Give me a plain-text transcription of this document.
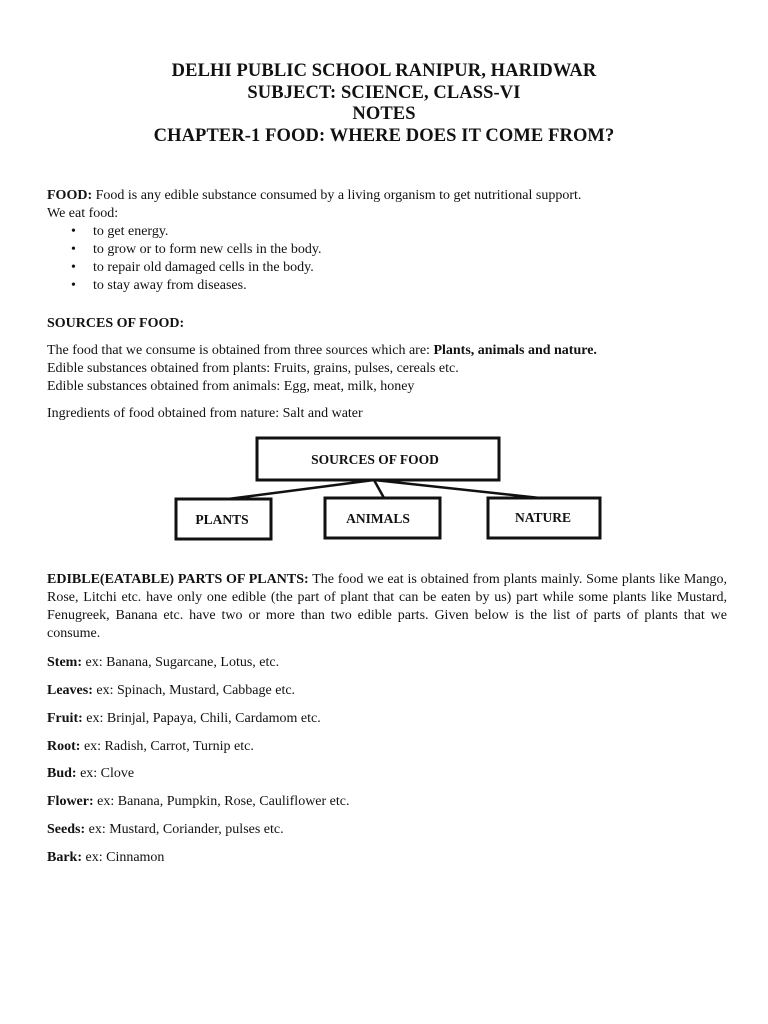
DELHI PUBLIC SCHOOL RANIPUR, HARIDWAR
SUBJECT: SCIENCE, CLASS-VI
NOTES
CHAPTER-1 FOOD: WHERE DOES IT COME FROM?

FOOD: Food is any edible substance consumed by a living organism to get nutritional support.

We eat food:

• to get energy.
• to grow or to form new cells in the body.
• to repair old damaged cells in the body.
• to stay away from diseases.

SOURCES OF FOOD:

The food that we consume is obtained from three sources which are: Plants, animals and nature.

Edible substances obtained from plants: Fruits, grains, pulses, cereals etc.

Edible substances obtained from animals: Egg, meat, milk, honey

Ingredients of food obtained from nature: Salt and water

SOURCES OF FOOD
PLANTS	ANIMALS	NATURE

EDIBLE(EATABLE) PARTS OF PLANTS: The food we eat is obtained from plants mainly. Some plants like Mango, Rose, Litchi etc. have only one edible (the part of plant that can be eaten by us) part while some plants like Mustard, Fenugreek, Banana etc. have two or more than two edible parts. Given below is the list of parts of plants that we consume.

Stem: ex: Banana, Sugarcane, Lotus, etc.
Leaves: ex: Spinach, Mustard, Cabbage etc.
Fruit: ex: Brinjal, Papaya, Chili, Cardamom etc.
Root: ex: Radish, Carrot, Turnip etc.
Bud: ex: Clove
Flower: ex: Banana, Pumpkin, Rose, Cauliflower etc.
Seeds: ex: Mustard, Coriander, pulses etc.
Bark: ex: Cinnamon
